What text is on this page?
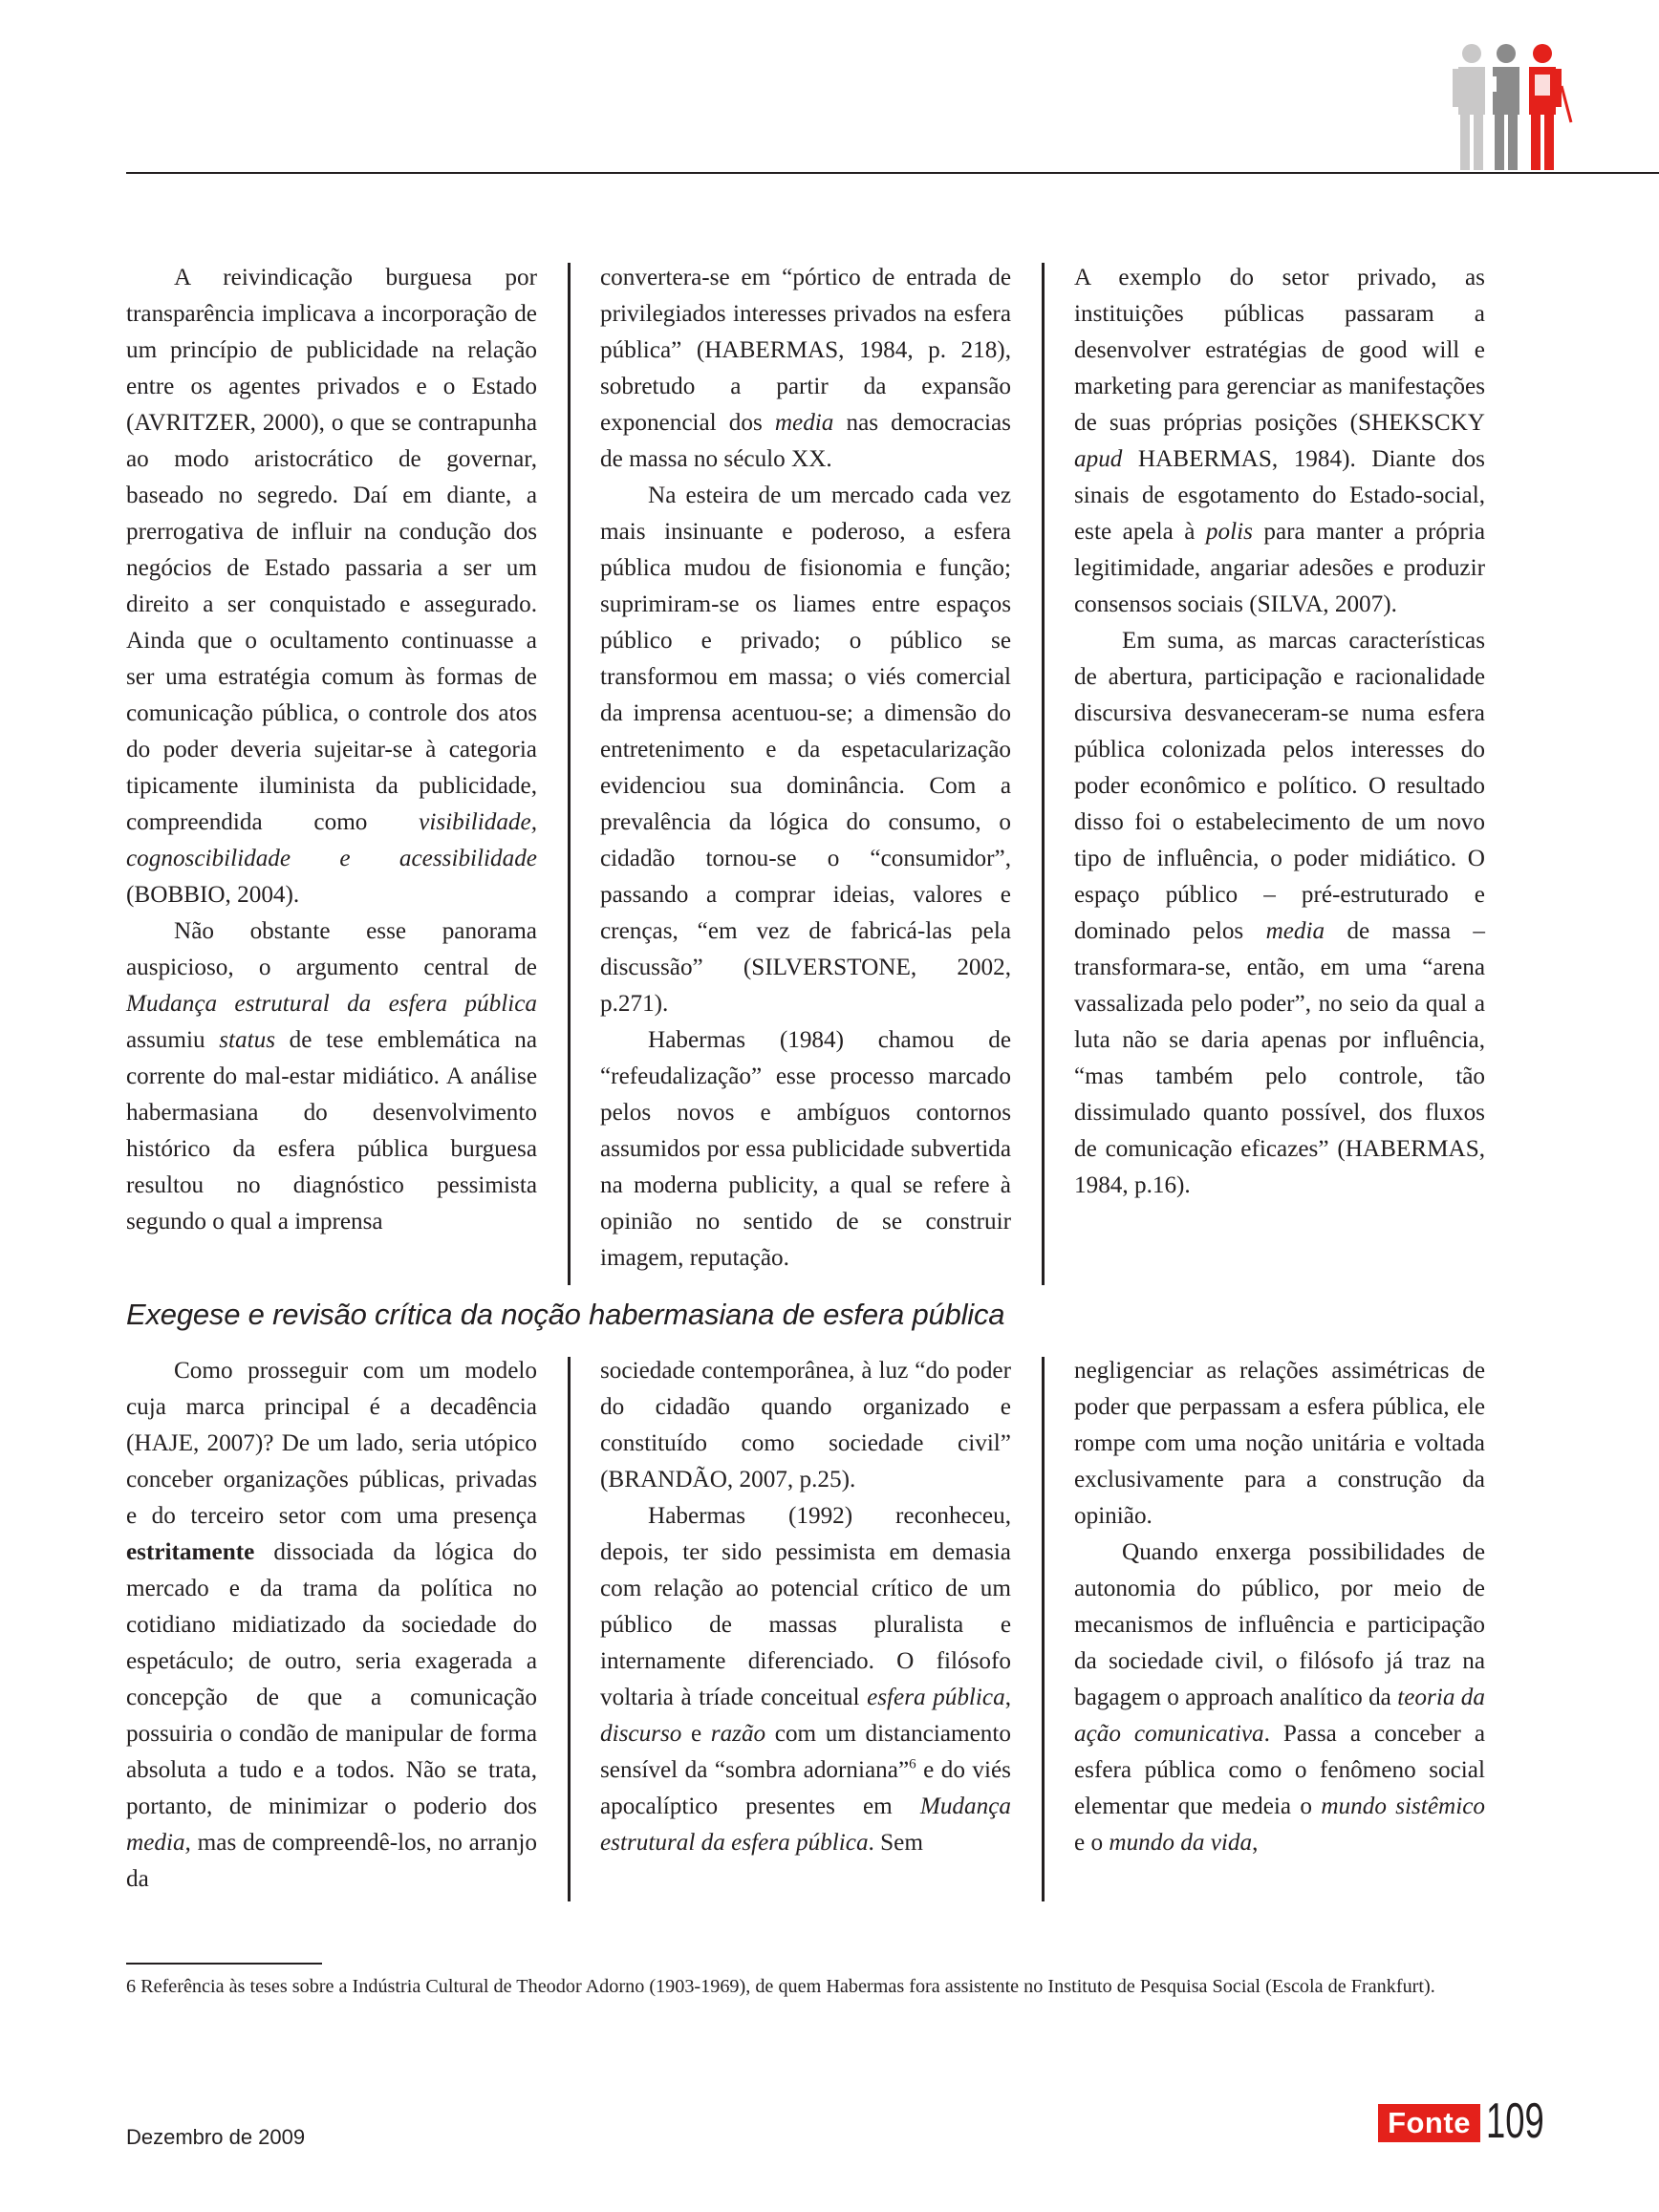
A reivindicação burguesa por transparência implicava a incorporação de um princípio de publicidade na relação entre os agentes privados e o Estado (AVRITZER, 2000), o que se contrapunha ao modo aristocrático de governar, baseado no segredo. Daí em diante, a prerrogativa de influir na condução dos negócios de Estado passaria a ser um direito a ser conquistado e assegurado. Ainda que o ocultamento continuasse a ser uma estratégia comum às formas de comunicação pública, o controle dos atos do poder deveria sujeitar-se à categoria tipicamente iluminista da publicidade, compreendida como visibilidade, cognoscibilidade e acessibilidade (BOBBIO, 2004).

Não obstante esse panorama auspicioso, o argumento central de Mudança estrutural da esfera pública assumiu status de tese emblemática na corrente do mal-estar midiático. A análise habermasiana do desenvolvimento histórico da esfera pública burguesa resultou no diagnóstico pessimista segundo o qual a imprensa

convertera-se em “pórtico de entrada de privilegiados interesses privados na esfera pública” (HABERMAS, 1984, p. 218), sobretudo a partir da expansão exponencial dos media nas democracias de massa no século XX.

Na esteira de um mercado cada vez mais insinuante e poderoso, a esfera pública mudou de fisionomia e função; suprimiram-se os liames entre espaços público e privado; o público se transformou em massa; o viés comercial da imprensa acentuou-se; a dimensão do entretenimento e da espetacularização evidenciou sua dominância. Com a prevalência da lógica do consumo, o cidadão tornou-se o “consumidor”, passando a comprar ideias, valores e crenças, “em vez de fabricá-las pela discussão” (SILVERSTONE, 2002, p.271).

Habermas (1984) chamou de “refeudalização” esse processo marcado pelos novos e ambíguos contornos assumidos por essa publicidade subvertida na moderna publicity, a qual se refere à opinião no sentido de se construir imagem, reputação.

A exemplo do setor privado, as instituições públicas passaram a desenvolver estratégias de good will e marketing para gerenciar as manifestações de suas próprias posições (SHEKSCKY apud HABERMAS, 1984). Diante dos sinais de esgotamento do Estado-social, este apela à polis para manter a própria legitimidade, angariar adesões e produzir consensos sociais (SILVA, 2007).

Em suma, as marcas características de abertura, participação e racionalidade discursiva desvaneceram-se numa esfera pública colonizada pelos interesses do poder econômico e político. O resultado disso foi o estabelecimento de um novo tipo de influência, o poder midiático. O espaço público – pré-estruturado e dominado pelos media de massa – transformara-se, então, em uma “arena vassalizada pelo poder”, no seio da qual a luta não se daria apenas por influência, “mas também pelo controle, tão dissimulado quanto possível, dos fluxos de comunicação eficazes” (HABERMAS, 1984, p.16).

Exegese e revisão crítica da noção habermasiana de esfera pública

Como prosseguir com um modelo cuja marca principal é a decadência (HAJE, 2007)? De um lado, seria utópico conceber organizações públicas, privadas e do terceiro setor com uma presença estritamente dissociada da lógica do mercado e da trama da política no cotidiano midiatizado da sociedade do espetáculo; de outro, seria exagerada a concepção de que a comunicação possuiria o condão de manipular de forma absoluta a tudo e a todos. Não se trata, portanto, de minimizar o poderio dos media, mas de compreendê-los, no arranjo da

sociedade contemporânea, à luz “do poder do cidadão quando organizado e constituído como sociedade civil” (BRANDÃO, 2007, p.25).

Habermas (1992) reconheceu, depois, ter sido pessimista em demasia com relação ao potencial crítico de um público de massas pluralista e internamente diferenciado. O filósofo voltaria à tríade conceitual esfera pública, discurso e razão com um distanciamento sensível da “sombra adorniana”$^6$ e do viés apocalíptico presentes em Mudança estrutural da esfera pública. Sem

negligenciar as relações assimétricas de poder que perpassam a esfera pública, ele rompe com uma noção unitária e voltada exclusivamente para a construção da opinião.

Quando enxerga possibilidades de autonomia do público, por meio de mecanismos de influência e participação da sociedade civil, o filósofo já traz na bagagem o approach analítico da teoria da ação comunicativa. Passa a conceber a esfera pública como o fenômeno social elementar que medeia o mundo sistêmico e o mundo da vida,

6 Referência às teses sobre a Indústria Cultural de Theodor Adorno (1903-1969), de quem Habermas fora assistente no Instituto de Pesquisa Social (Escola de Frankfurt).
Dezembro de 2009	Fonte 109
